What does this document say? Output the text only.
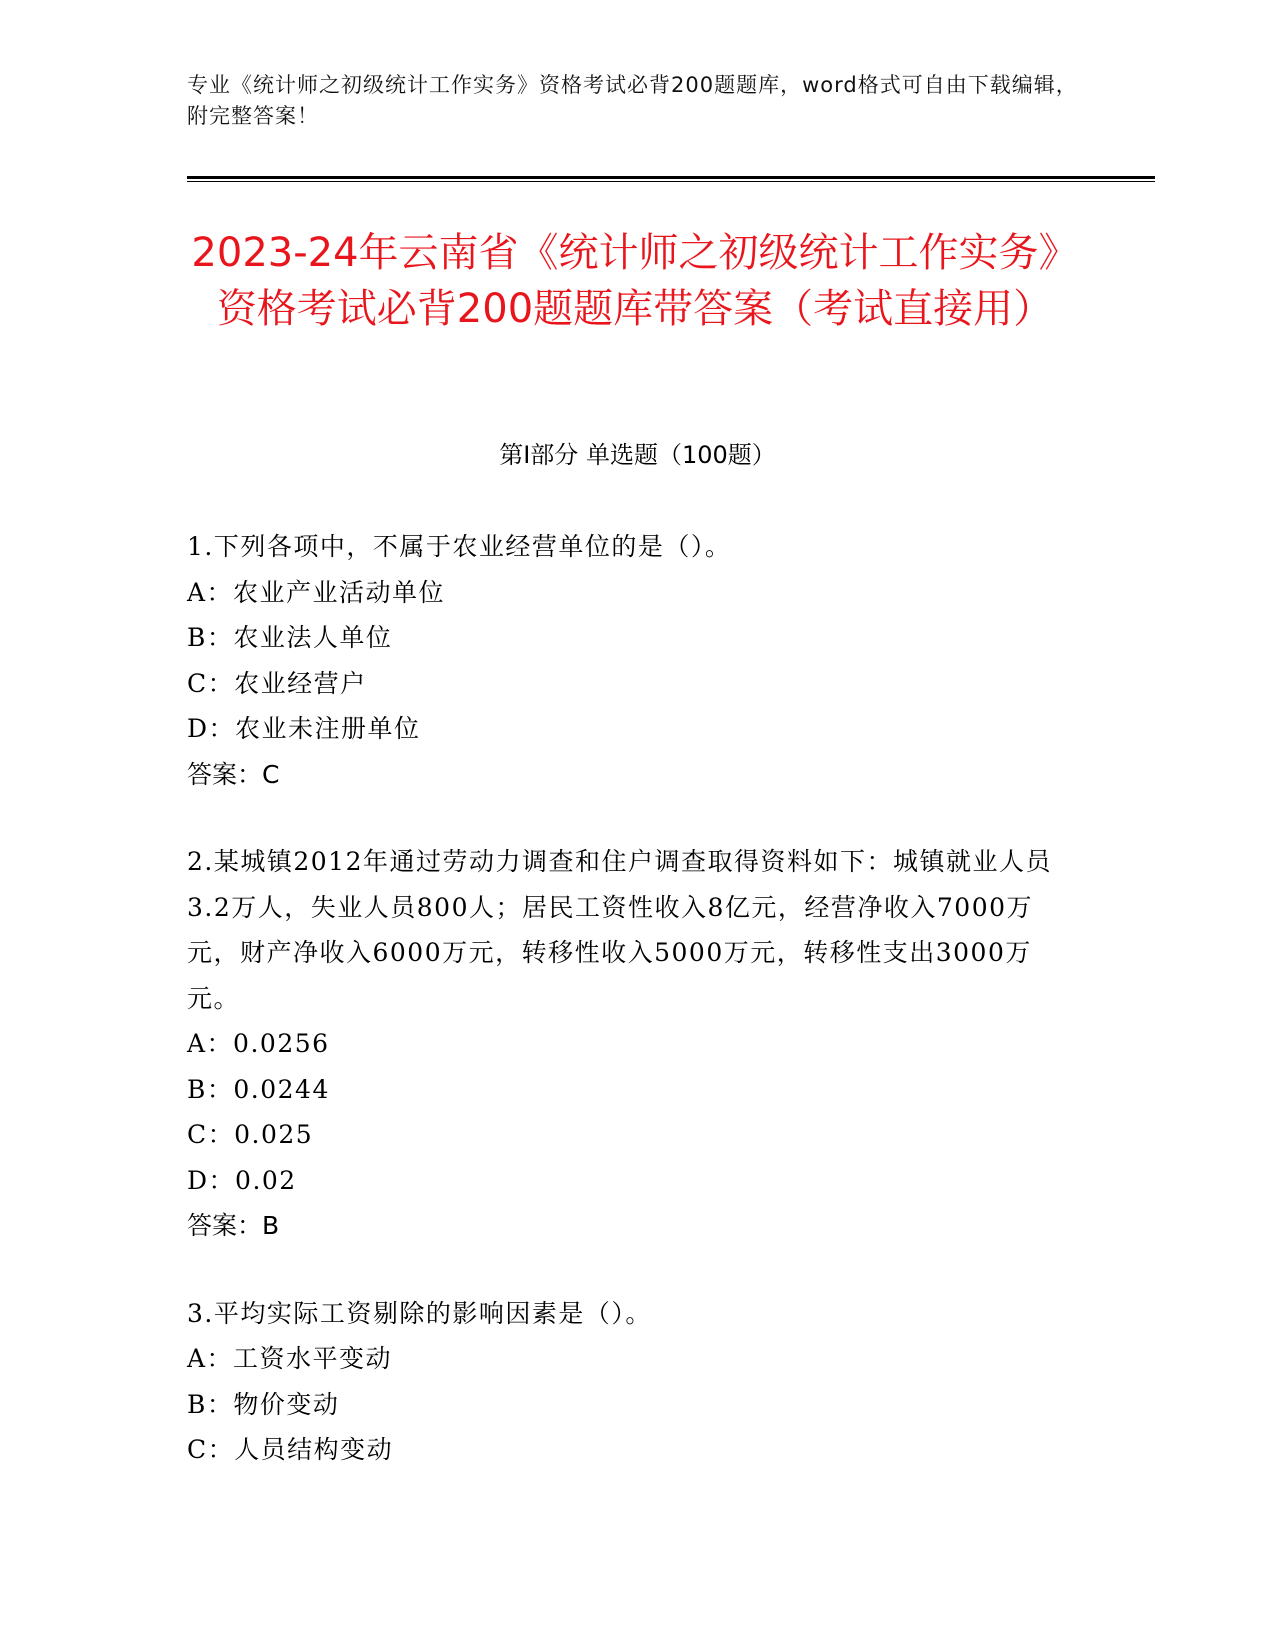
专业《统计师之初级统计工作实务》资格考试必背200题题库，word格式可自由下载编辑，附完整答案！
2023-24年云南省《统计师之初级统计工作实务》资格考试必背200题题库带答案（考试直接用）
第I部分 单选题（100题）

1.下列各项中，不属于农业经营单位的是（）。

A：农业产业活动单位

B：农业法人单位

C：农业经营户

D：农业未注册单位

答案：C

2.某城镇2012年通过劳动力调查和住户调查取得资料如下：城镇就业人员3.2万人，失业人员800人；居民工资性收入8亿元，经营净收入7000万元，财产净收入6000万元，转移性收入5000万元，转移性支出3000万元。

A：0.0256

B：0.0244

C：0.025

D：0.02

答案：B

3.平均实际工资剔除的影响因素是（）。

A：工资水平变动

B：物价变动

C：人员结构变动
